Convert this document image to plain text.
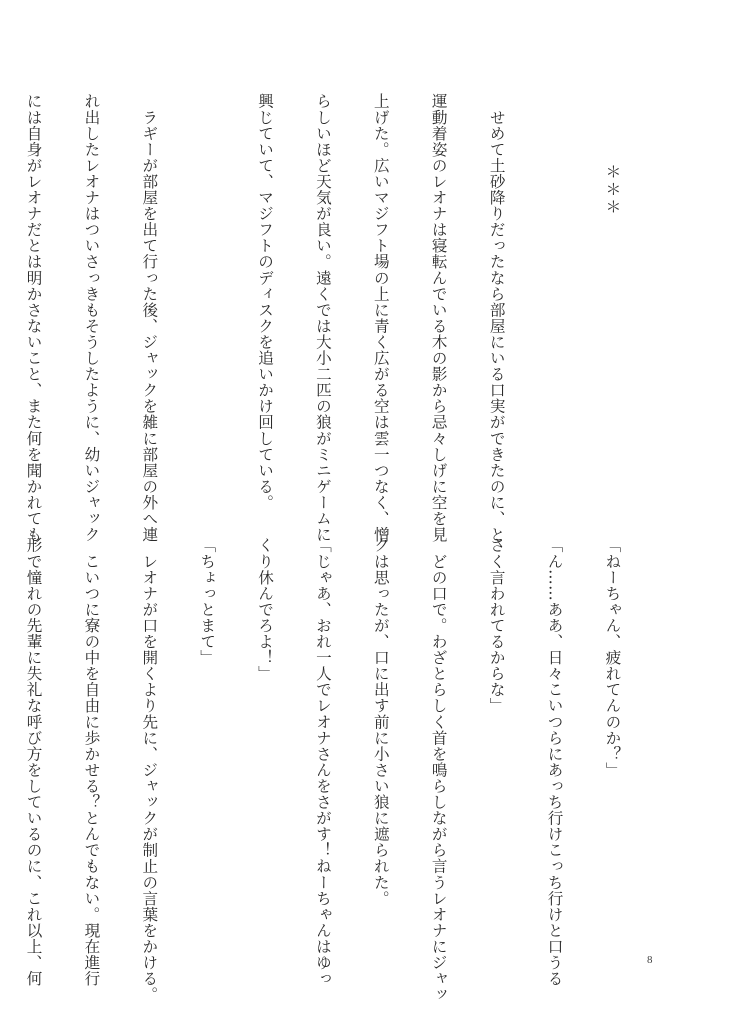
　　　　＊＊＊

　せめて土砂降りだったなら部屋にいる口実ができたのに、と

運動着姿のレオナは寝転んでいる木の影から忌々しげに空を見

上げた。広いマジフト場の上に青く広がる空は雲一つなく、憎

らしいほど天気が良い。遠くでは大小二匹の狼がミニゲームに

興じていて、マジフトのディスクを追いかけ回している。

　ラギーが部屋を出て行った後、ジャックを雑に部屋の外へ連

れ出したレオナはついさっきもそうしたように、幼いジャック

には自身がレオナだとは明かさないこと、また何を聞かれても

「ねーちゃん、疲れてんのか？」

「ん……ああ、日々こいつらにあっち行けこっち行けと口うる

さく言われてるからな」

　どの口で。わざとらしく首を鳴らしながら言うレオナにジャッ

クは思ったが、口に出す前に小さい狼に遮られた。

「じゃあ、おれ一人でレオナさんをさがす！ねーちゃんはゆっ

くり休んでろよ！」

「ちょっとまて」

　レオナが口を開くより先に、ジャックが制止の言葉をかける。

　こいつに寮の中を自由に歩かせる？とんでもない。現在進行

形で憧れの先輩に失礼な呼び方をしているのに、これ以上、何

	8
